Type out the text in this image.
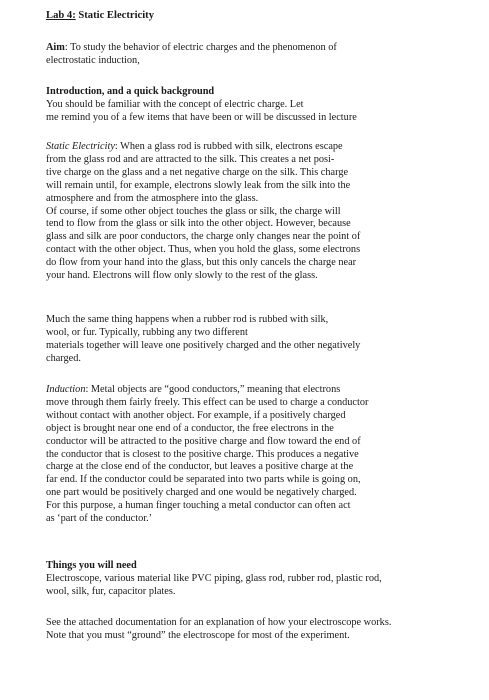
Lab 4: Static Electricity
Aim: To study the behavior of electric charges and the phenomenon of
electrostatic induction,
Introduction, and a quick background
You should be familiar with the concept of electric charge. Let
me remind you of a few items that have been or will be discussed in lecture
Static Electricity: When a glass rod is rubbed with silk, electrons escape
from the glass rod and are attracted to the silk. This creates a net posi-
tive charge on the glass and a net negative charge on the silk. This charge
will remain until, for example, electrons slowly leak from the silk into the
atmosphere and from the atmosphere into the glass.
Of course, if some other object touches the glass or silk, the charge will
tend to flow from the glass or silk into the other object. However, because
glass and silk are poor conductors, the charge only changes near the point of
contact with the other object. Thus, when you hold the glass, some electrons
do flow from your hand into the glass, but this only cancels the charge near
your hand. Electrons will flow only slowly to the rest of the glass.
Much the same thing happens when a rubber rod is rubbed with silk,
wool, or fur. Typically, rubbing any two different
materials together will leave one positively charged and the other negatively
charged.
Induction: Metal objects are “good conductors,” meaning that electrons
move through them fairly freely. This effect can be used to charge a conductor
without contact with another object. For example, if a positively charged
object is brought near one end of a conductor, the free electrons in the
conductor will be attracted to the positive charge and flow toward the end of
the conductor that is closest to the positive charge. This produces a negative
charge at the close end of the conductor, but leaves a positive charge at the
far end. If the conductor could be separated into two parts while is going on,
one part would be positively charged and one would be negatively charged.
For this purpose, a human finger touching a metal conductor can often act
as ‘part of the conductor.’
Things you will need
Electroscope, various material like PVC piping, glass rod, rubber rod, plastic rod,
wool, silk, fur, capacitor plates.
See the attached documentation for an explanation of how your electroscope works.
Note that you must “ground” the electroscope for most of the experiment.
